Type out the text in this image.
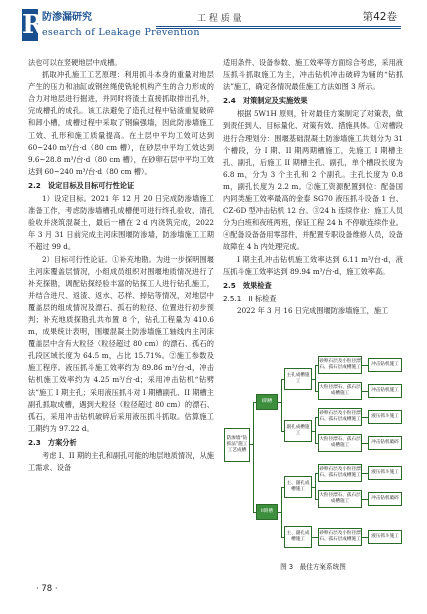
R
防渗漏研究
esearch of Leakage Prevention
工 程 质 量	第42卷

法也可以在竖硬地层中成槽。

抓取冲孔施工工艺原理：利用抓斗本身的重量对地层产生的压力和油缸或钢丝绳使铣轮机构产生的合力形成的合力对地层进行掘进，并同时将渣土直接抓取排出孔外，完成槽孔的成孔。该工法避免了造孔过程中钻渣重复破碎和卸小槽，成槽过程中采取了钢偏强墙，因此防渗墙施工工效、孔形和施工质量提高。在土层中平均工效可达到 60~240 m³/台·d（80 cm 槽），在砂层中平均工效达到 9.6~28.8 m³/台·d（80 cm 槽），在砂卵石层中平均工效达到 60~240 m³/台·d（80 cm 槽）。

2.2　设定目标及目标可行性论证

1）设定目标。2021 年 12 月 20 日完成防渗墙施工准备工作，考虑防渗墙槽孔成槽便可进行终孔验收、清孔验收并浇筑混凝土，最后一槽在 2 d 内浇筑完成，2022 年 3 月 31 日前完成主河床围堰防渗墙，防渗墙施工工期不超过 99 d。

2）目标可行性论证。①补充地勘。为进一步探明围堰主河床覆盖层情况，小组成员组织对围堰地质情况进行了补充探勘，调配钻探经验丰富的钻探工人进行钻孔施工，并结合进尺、返渣、返水、芯样、掉钻等情况，对地层中覆盖层的组成情况及漂石、孤石的粒径、位置进行初步预判；补充地质探勘孔共布置 8 个，钻孔工程量为 410.6 m，成果统计表明，围堰混凝土防渗墙施工轴线内主河床覆盖层中含有大粒径（粒径超过 80 cm）的漂石、孤石的孔段区域长度为 64.5 m，占比 15.71%。②施工参数及施工程序。液压抓斗施工效率约为 89.86 m³/台·d，冲击钻机施工效率约为 4.25 m³/台·d；采用冲击钻机“钻劈法”施工 I 期主孔；采用液压抓斗对 I 期槽副孔、II 期槽主副孔抓取成槽，遇到大粒径（粒径超过 80 cm）的漂石、孤石，采用冲击钻机破碎后采用液压抓斗抓取。估算施工工期约为 97.22 d。

2.3　方案分析

考虑 I、II 期的主孔和副孔可能的地层地质情况，从施工需求、设备

适用条件、设备参数、施工效率等方面综合考虑，采用液压抓斗抓取施工为主，冲击钻机冲击破碎为辅的“钻抓法”施工，确定各情况最佳施工方法如图 3 所示。

2.4　对策制定及实施效果

根据 5W1H 原则，针对最佳方案制定了对策表，做到责任到人、目标量化、对策有效、措施具体。①对槽段进行合理划分：围堰基础混凝土防渗墙施工共划分为 31 个槽段，分 I 期、II 期两期槽施工，先施工 I 期槽主孔、副孔，后施工 II 期槽主孔、副孔，单个槽段长度为 6.8 m，分为 3 个主孔和 2 个副孔。主孔长度为 0.8 m，副孔长度为 2.2 m。②施工资源配置到位：配备国内同类施工效率最高的金泰 SG70 液压抓斗设备 1 台、CZ-6D 型冲击钻机 12 台。③24 h 连续作业：施工人员分为白班和夜班两班，保证工程 24 h 不停歇连续作业。④配备设备备用零部件，并配置专职设备维修人员，设备故障在 4 h 内处理完成。

I 期主孔冲击钻机施工效率达到 6.11 m³/台·d，液压抓斗施工效率达到 89.94 m³/台·d，施工效率高。

2.5　效果检查

2.5.1　II 标检查

2022 年 3 月 16 日完成围堰防渗墙施工，施工

防渗墙“钻抓法”施工工艺成槽
I期槽
II期槽
主孔成槽施工
副孔成槽施工
主、副孔成槽施工
主、副孔成槽施工
砂卵石层及小粒径漂石、孤石层成槽施工
大粒径漂石、孤石层成槽施工
砂卵石层及小粒径漂石、孤石层成槽施工
大粒径漂石、孤石层成槽施工
砂卵石层及小粒径漂石、孤石层成槽施工
大粒径漂石、孤石层成槽施工
砂卵石层及小粒径漂石、孤石层成槽施工
冲击钻机施工
冲击钻机施工
液压抓斗施工
冲击钻机破碎
液压抓斗施工
冲击钻机破碎
液压抓斗施工
图 3　最佳方案系统图
· 78 ·
